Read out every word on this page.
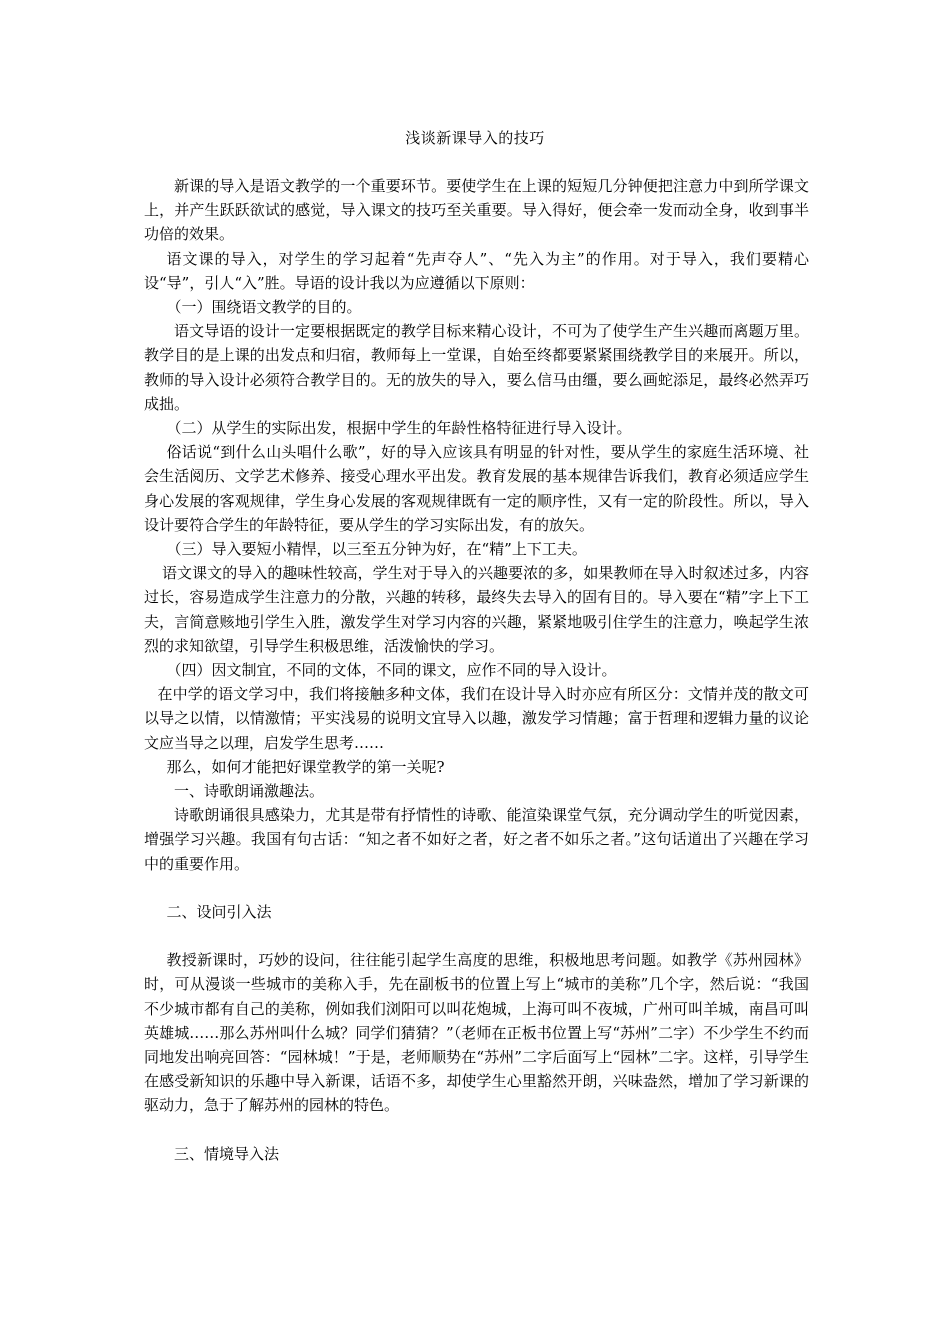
浅谈新课导入的技巧

新课的导入是语文教学的一个重要环节。要使学生在上课的短短几分钟便把注意力中到所学课文上，并产生跃跃欲试的感觉，导入课文的技巧至关重要。导入得好，便会牵一发而动全身，收到事半功倍的效果。

语文课的导入，对学生的学习起着“先声夺人”、“先入为主”的作用。对于导入，我们要精心设“导”，引人“入”胜。导语的设计我以为应遵循以下原则：

（一）围绕语文教学的目的。

语文导语的设计一定要根据既定的教学目标来精心设计，不可为了使学生产生兴趣而离题万里。教学目的是上课的出发点和归宿，教师每上一堂课，自始至终都要紧紧围绕教学目的来展开。所以，教师的导入设计必须符合教学目的。无的放失的导入，要么信马由缰，要么画蛇添足，最终必然弄巧成拙。

（二）从学生的实际出发，根据中学生的年龄性格特征进行导入设计。

俗话说“到什么山头唱什么歌”，好的导入应该具有明显的针对性，要从学生的家庭生活环境、社会生活阅历、文学艺术修养、接受心理水平出发。教育发展的基本规律告诉我们，教育必须适应学生身心发展的客观规律，学生身心发展的客观规律既有一定的顺序性，又有一定的阶段性。所以，导入设计要符合学生的年龄特征，要从学生的学习实际出发，有的放矢。

（三）导入要短小精悍，以三至五分钟为好，在“精”上下工夫。

语文课文的导入的趣味性较高，学生对于导入的兴趣要浓的多，如果教师在导入时叙述过多，内容过长，容易造成学生注意力的分散，兴趣的转移，最终失去导入的固有目的。导入要在“精”字上下工夫，言简意赅地引学生入胜，激发学生对学习内容的兴趣，紧紧地吸引住学生的注意力，唤起学生浓烈的求知欲望，引导学生积极思维，活泼愉快的学习。

（四）因文制宜，不同的文体，不同的课文，应作不同的导入设计。

在中学的语文学习中，我们将接触多种文体，我们在设计导入时亦应有所区分：文情并茂的散文可以导之以情，以情激情；平实浅易的说明文宜导入以趣，激发学习情趣；富于哲理和逻辑力量的议论文应当导之以理，启发学生思考……

那么，如何才能把好课堂教学的第一关呢?

一、诗歌朗诵激趣法。

诗歌朗诵很具感染力，尤其是带有抒情性的诗歌、能渲染课堂气氛，充分调动学生的听觉因素，增强学习兴趣。我国有句古话：“知之者不如好之者，好之者不如乐之者。”这句话道出了兴趣在学习中的重要作用。

二、设问引入法

教授新课时，巧妙的设问，往往能引起学生高度的思维，积极地思考问题。如教学《苏州园林》时，可从漫谈一些城市的美称入手，先在副板书的位置上写上“城市的美称”几个字，然后说：“我国不少城市都有自己的美称，例如我们浏阳可以叫花炮城，上海可叫不夜城，广州可叫羊城，南昌可叫英雄城……那么苏州叫什么城？同学们猜猜？”（老师在正板书位置上写“苏州”二字）不少学生不约而同地发出响亮回答：“园林城！”于是，老师顺势在“苏州”二字后面写上“园林”二字。这样，引导学生在感受新知识的乐趣中导入新课，话语不多，却使学生心里豁然开朗，兴味盎然，增加了学习新课的驱动力，急于了解苏州的园林的特色。

三、情境导入法
